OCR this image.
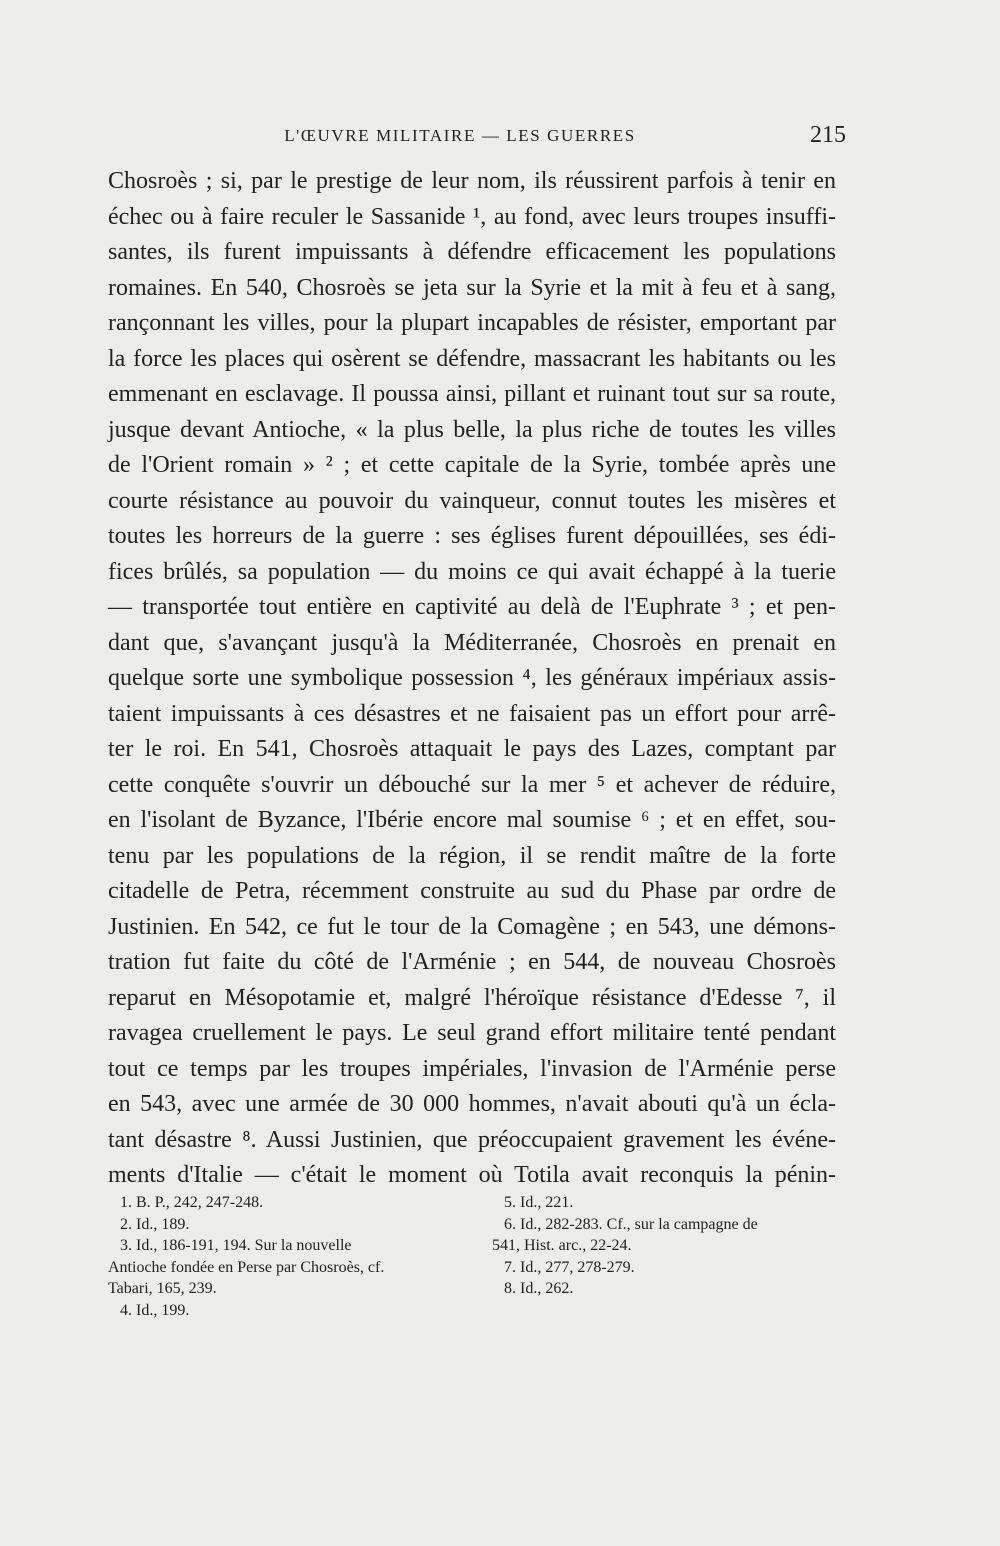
L'ŒUVRE MILITAIRE — LES GUERRES	215
Chosroès ; si, par le prestige de leur nom, ils réussirent parfois à tenir en
échec ou à faire reculer le Sassanide ¹, au fond, avec leurs troupes insuffi-
santes, ils furent impuissants à défendre efficacement les populations
romaines. En 540, Chosroès se jeta sur la Syrie et la mit à feu et à sang,
rançonnant les villes, pour la plupart incapables de résister, emportant par
la force les places qui osèrent se défendre, massacrant les habitants ou les
emmenant en esclavage. Il poussa ainsi, pillant et ruinant tout sur sa route,
jusque devant Antioche, « la plus belle, la plus riche de toutes les villes
de l'Orient romain » ² ; et cette capitale de la Syrie, tombée après une
courte résistance au pouvoir du vainqueur, connut toutes les misères et
toutes les horreurs de la guerre : ses églises furent dépouillées, ses édi-
fices brûlés, sa population — du moins ce qui avait échappé à la tuerie
— transportée tout entière en captivité au delà de l'Euphrate ³ ; et pen-
dant que, s'avançant jusqu'à la Méditerranée, Chosroès en prenait en
quelque sorte une symbolique possession ⁴, les généraux impériaux assis-
taient impuissants à ces désastres et ne faisaient pas un effort pour arrê-
ter le roi. En 541, Chosroès attaquait le pays des Lazes, comptant par
cette conquête s'ouvrir un débouché sur la mer ⁵ et achever de réduire,
en l'isolant de Byzance, l'Ibérie encore mal soumise ⁶ ; et en effet, sou-
tenu par les populations de la région, il se rendit maître de la forte
citadelle de Petra, récemment construite au sud du Phase par ordre de
Justinien. En 542, ce fut le tour de la Comagène ; en 543, une démons-
tration fut faite du côté de l'Arménie ; en 544, de nouveau Chosroès
reparut en Mésopotamie et, malgré l'héroïque résistance d'Edesse ⁷, il
ravagea cruellement le pays. Le seul grand effort militaire tenté pendant
tout ce temps par les troupes impériales, l'invasion de l'Arménie perse
en 543, avec une armée de 30 000 hommes, n'avait abouti qu'à un écla-
tant désastre ⁸. Aussi Justinien, que préoccupaient gravement les événe-
ments d'Italie — c'était le moment où Totila avait reconquis la pénin-
1. B. P., 242, 247-248.
2. Id., 189.
3. Id., 186-191, 194. Sur la nouvelle
Antioche fondée en Perse par Chosroès, cf.
Tabari, 165, 239.
4. Id., 199.
5. Id., 221.
6. Id., 282-283. Cf., sur la campagne de
541, Hist. arc., 22-24.
7. Id., 277, 278-279.
8. Id., 262.
